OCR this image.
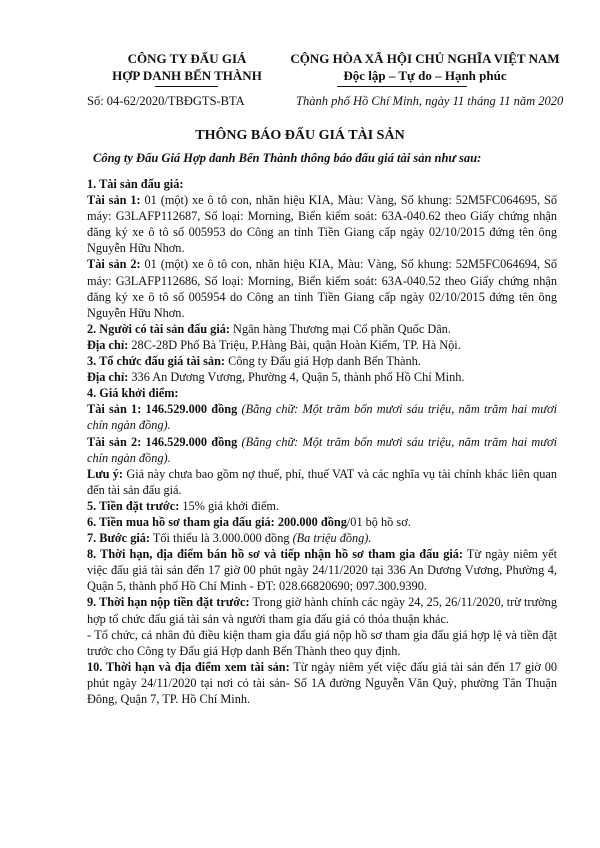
CÔNG TY ĐẤU GIÁ
HỢP DANH BẾN THÀNH
CỘNG HÒA XÃ HỘI CHỦ NGHĨA VIỆT NAM
Độc lập – Tự do – Hạnh phúc
Số: 04-62/2020/TBĐGTS-BTA	Thành phố Hồ Chí Minh, ngày 11 tháng 11 năm 2020
THÔNG BÁO ĐẤU GIÁ TÀI SẢN
Công ty Đấu Giá Hợp danh Bến Thành thông báo đấu giá tài sản như sau:

1. Tài sản đấu giá:

Tài sản 1: 01 (một) xe ô tô con, nhãn hiệu KIA, Màu: Vàng, Số khung: 52M5FC064695, Số máy: G3LAFP112687, Số loại: Morning, Biển kiểm soát: 63A-040.62 theo Giấy chứng nhận đăng ký xe ô tô số 005953 do Công an tỉnh Tiền Giang cấp ngày 02/10/2015 đứng tên ông Nguyễn Hữu Nhơn.

Tài sản 2: 01 (một) xe ô tô con, nhãn hiệu KIA, Màu: Vàng, Số khung: 52M5FC064694, Số máy: G3LAFP112686, Số loại: Morning, Biển kiểm soát: 63A-040.52 theo Giấy chứng nhận đăng ký xe ô tô số 005954 do Công an tỉnh Tiền Giang cấp ngày 02/10/2015 đứng tên ông Nguyễn Hữu Nhơn.

2. Người có tài sản đấu giá: Ngân hàng Thương mại Cổ phần Quốc Dân.

Địa chỉ: 28C-28D Phố Bà Triệu, P.Hàng Bài, quận Hoàn Kiếm, TP. Hà Nội.

3. Tổ chức đấu giá tài sản: Công ty Đấu giá Hợp danh Bến Thành.

Địa chỉ: 336 An Dương Vương, Phường 4, Quận 5, thành phố Hồ Chí Minh.

4. Giá khởi điểm:

Tài sản 1: 146.529.000 đồng (Bằng chữ: Một trăm bốn mươi sáu triệu, năm trăm hai mươi chín ngàn đồng).

Tài sản 2: 146.529.000 đồng (Bằng chữ: Một trăm bốn mươi sáu triệu, năm trăm hai mươi chín ngàn đồng).

Lưu ý: Giá này chưa bao gồm nợ thuế, phí, thuế VAT và các nghĩa vụ tài chính khác liên quan đến tài sản đấu giá.

5. Tiền đặt trước: 15% giá khởi điểm.

6. Tiền mua hồ sơ tham gia đấu giá: 200.000 đồng/01 bộ hồ sơ.

7. Bước giá: Tối thiểu là 3.000.000 đồng (Ba triệu đồng).

8. Thời hạn, địa điểm bán hồ sơ và tiếp nhận hồ sơ tham gia đấu giá: Từ ngày niêm yết việc đấu giá tài sản đến 17 giờ 00 phút ngày 24/11/2020 tại 336 An Dương Vương, Phường 4, Quận 5, thành phố Hồ Chí Minh - ĐT: 028.66820690; 097.300.9390.

9. Thời hạn nộp tiền đặt trước: Trong giờ hành chính các ngày 24, 25, 26/11/2020, trừ trường hợp tổ chức đấu giá tài sản và người tham gia đấu giá có thỏa thuận khác.

- Tổ chức, cá nhân đủ điều kiện tham gia đấu giá nộp hồ sơ tham gia đấu giá hợp lệ và tiền đặt trước cho Công ty Đấu giá Hợp danh Bến Thành theo quy định.

10. Thời hạn và địa điểm xem tài sản: Từ ngày niêm yết việc đấu giá tài sản đến 17 giờ 00 phút ngày 24/11/2020 tại nơi có tài sản- Số 1A đường Nguyễn Văn Quỳ, phường Tân Thuận Đông, Quận 7, TP. Hồ Chí Minh.
